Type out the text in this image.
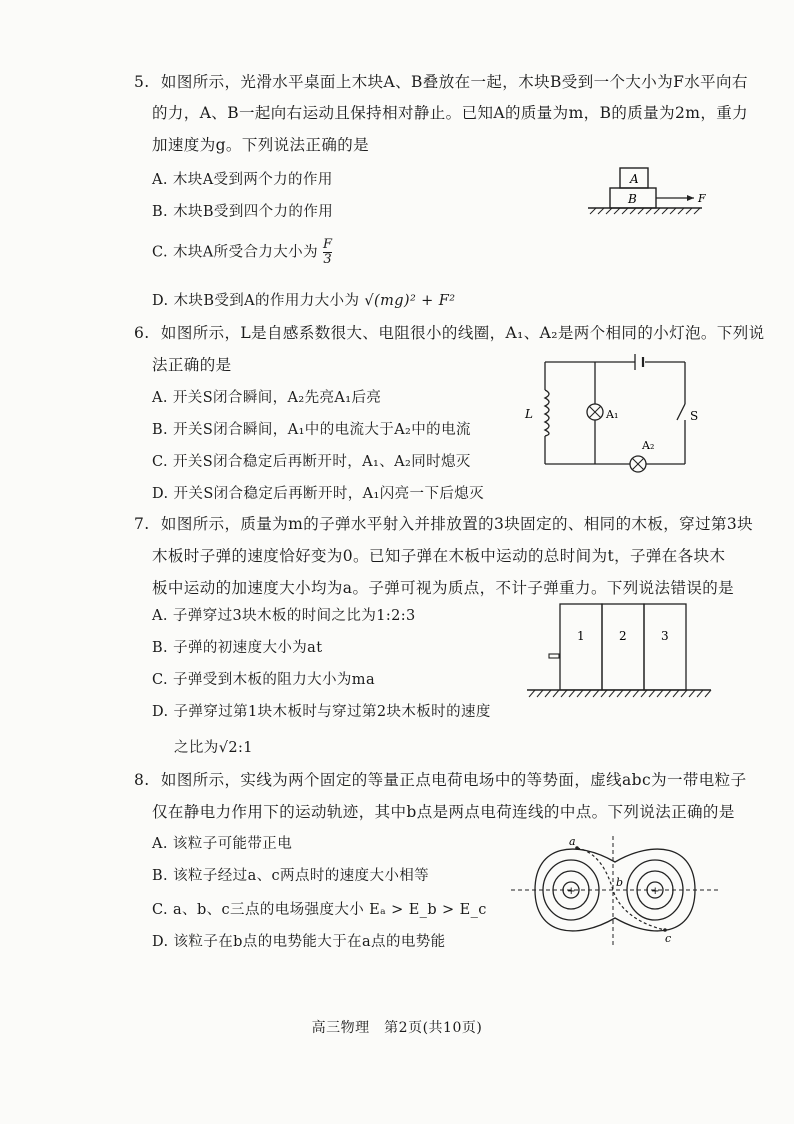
5. 如图所示，光滑水平桌面上木块A、B叠放在一起，木块B受到一个大小为F水平向右
的力，A、B一起向右运动且保持相对静止。已知A的质量为m，B的质量为2m，重力
加速度为g。下列说法正确的是
A. 木块A受到两个力的作用
B. 木块B受到四个力的作用
C. 木块A所受合力大小为 $\frac{F}{3}$
D. 木块B受到A的作用力大小为 √(mg)² + F²
A
B	F
6. 如图所示，L是自感系数很大、电阻很小的线圈，A₁、A₂是两个相同的小灯泡。下列说
法正确的是
A. 开关S闭合瞬间，A₂先亮A₁后亮
B. 开关S闭合瞬间，A₁中的电流大于A₂中的电流
C. 开关S闭合稳定后再断开时，A₁、A₂同时熄灭
D. 开关S闭合稳定后再断开时，A₁闪亮一下后熄灭
L	A₁
A₂
S
7. 如图所示，质量为m的子弹水平射入并排放置的3块固定的、相同的木板，穿过第3块
木板时子弹的速度恰好变为0。已知子弹在木板中运动的总时间为t，子弹在各块木
板中运动的加速度大小均为a。子弹可视为质点，不计子弹重力。下列说法错误的是
A. 子弹穿过3块木板的时间之比为1:2:3
B. 子弹的初速度大小为at
C. 子弹受到木板的阻力大小为ma
D. 子弹穿过第1块木板时与穿过第2块木板时的速度
之比为√2:1
1	2	3
8. 如图所示，实线为两个固定的等量正点电荷电场中的等势面，虚线abc为一带电粒子
仅在静电力作用下的运动轨迹，其中b点是两点电荷连线的中点。下列说法正确的是
A. 该粒子可能带正电
B. 该粒子经过a、c两点时的速度大小相等
C. a、b、c三点的电场强度大小 Eₐ > E_b > E_c
D. 该粒子在b点的电势能大于在a点的电势能
+	+
a
b
c
高三物理　第2页(共10页)
